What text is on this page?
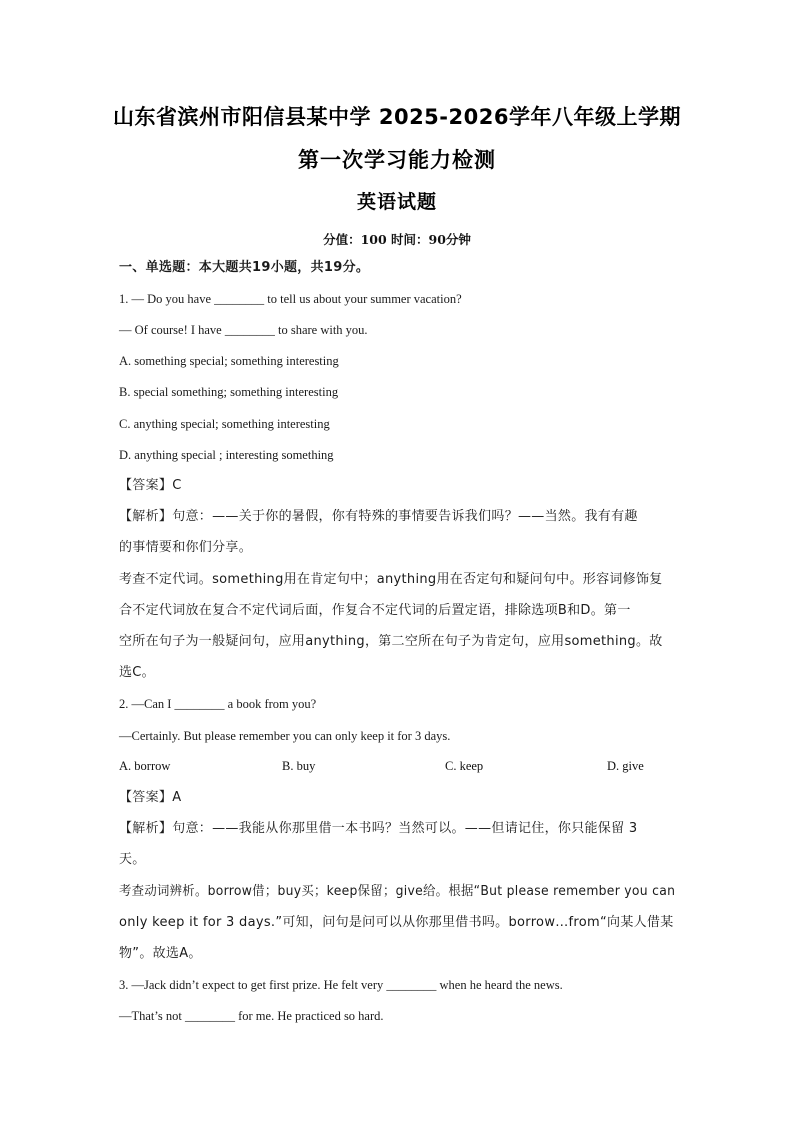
山东省滨州市阳信县某中学 2025-2026学年八年级上学期
第一次学习能力检测
英语试题
分值：100 时间：90分钟
一、单选题：本大题共19小题，共19分。
1. — Do you have ________ to tell us about your summer vacation?
— Of course! I have ________ to share with you.
A. something special; something interesting
B. special something; something interesting
C. anything special; something interesting
D. anything special ; interesting something
【答案】C
【解析】句意：——关于你的暑假，你有特殊的事情要告诉我们吗？——当然。我有有趣
的事情要和你们分享。
考查不定代词。something用在肯定句中；anything用在否定句和疑问句中。形容词修饰复
合不定代词放在复合不定代词后面，作复合不定代词的后置定语，排除选项B和D。第一
空所在句子为一般疑问句，应用anything，第二空所在句子为肯定句，应用something。故
选C。
2. —Can I ________ a book from you?
—Certainly. But please remember you can only keep it for 3 days.
A. borrow	B. buy	C. keep	D. give
【答案】A
【解析】句意：——我能从你那里借一本书吗？当然可以。——但请记住，你只能保留 3
天。
考查动词辨析。borrow借；buy买；keep保留；give给。根据“But please remember you can
only keep it for 3 days.”可知，问句是问可以从你那里借书吗。borrow…from“向某人借某
物”。故选A。
3. —Jack didn’t expect to get first prize. He felt very ________ when he heard the news.
—That’s not ________ for me. He practiced so hard.
